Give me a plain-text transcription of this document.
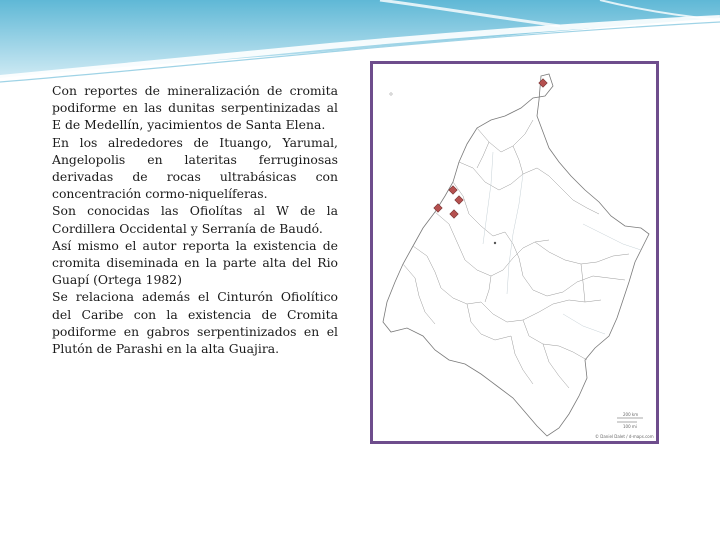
Con reportes de mineralización de cromita podiforme en las dunitas serpentinizadas al E de Medellín, yacimientos de Santa Elena.

En los alrededores de Ituango, Yarumal, Angelopolis en lateritas ferruginosas derivadas de rocas ultrabásicas con concentración cormo-niquelíferas.

Son conocidas las Ofiolítas al W de la Cordillera Occidental y Serranía de Baudó.

Así mismo el autor reporta la existencia de cromita diseminada en la parte alta del Rio Guapí (Ortega 1982)

Se relaciona además el Cinturón Ofiolítico del Caribe con la existencia de Cromita podiforme en gabros serpentinizados en el Plutón de Parashi en la alta Guajira.

200 km
100 mi
© Daniel Dalet / d-maps.com
